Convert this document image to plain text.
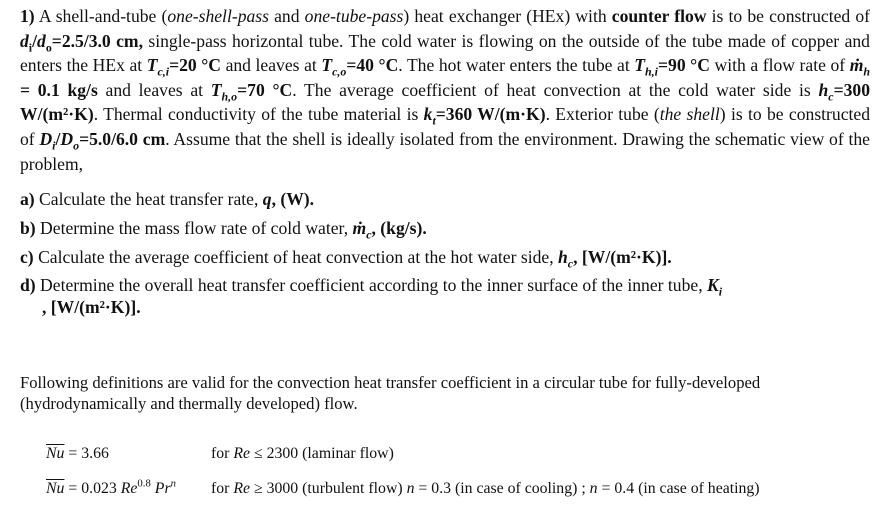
1) A shell-and-tube (one-shell-pass and one-tube-pass) heat exchanger (HEx) with counter flow is to be constructed of $d_i/d_o=2.5/3.0$ cm, single-pass horizontal tube. The cold water is flowing on the outside of the tube made of copper and enters the HEx at $T_{c,i}=20$ °C and leaves at $T_{c,o}=40$ °C. The hot water enters the tube at $T_{h,i}=90$ °C with a flow rate of ṁ$_h$ = 0.1 kg/s and leaves at $T_{h,o}=70$ °C. The average coefficient of heat convection at the cold water side is $h_c=300$ W/(m²·K). Thermal conductivity of the tube material is $k_t=360$ W/(m·K). Exterior tube (the shell) is to be constructed of $D_i/D_o=5.0/6.0$ cm. Assume that the shell is ideally isolated from the environment. Drawing the schematic view of the problem,
a) Calculate the heat transfer rate, q, (W).
b) Determine the mass flow rate of cold water, ṁ$_c$, (kg/s).
c) Calculate the average coefficient of heat convection at the hot water side, $h_c$, [W/(m²·K)].
d) Determine the overall heat transfer coefficient according to the inner surface of the inner tube, $K_i$
, [W/(m²·K)].
Following definitions are valid for the convection heat transfer coefficient in a circular tube for fully-developed (hydrodynamically and thermally developed) flow.
$\overline{Nu} = 3.66$	for Re ≤ 2300 (laminar flow)
$\overline{Nu} = 0.023$ $Re^{0.8}$ Pr$^n$ for Re ≥ 3000 (turbulent flow) n = 0.3 (in case of cooling) ; n = 0.4 (in case of heating)
